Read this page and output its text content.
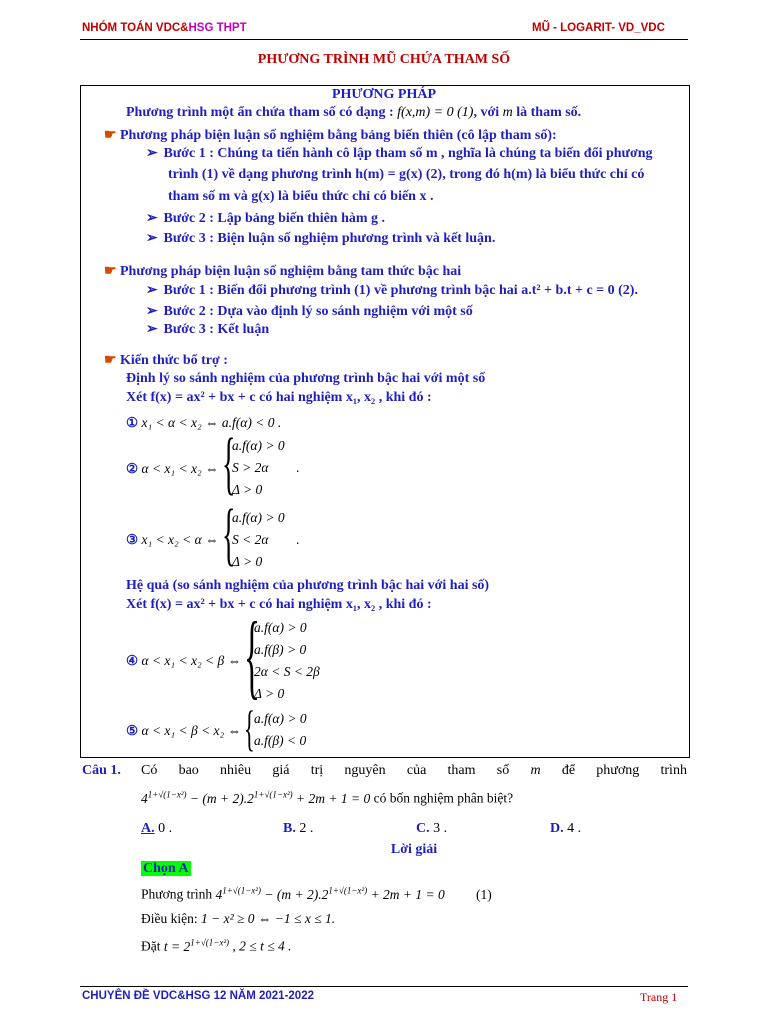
NHÓM TOÁN VDC&HSG THPT	MŨ - LOGARIT- VD_VDC
PHƯƠNG TRÌNH MŨ CHỨA THAM SỐ
PHƯƠNG PHÁP
Phương trình một ẩn chứa tham số có dạng : f(x,m) = 0 (1), với m là tham số.
☛ Phương pháp biện luận số nghiệm bằng bảng biến thiên (cô lập tham số):
➢ Bước 1 : Chúng ta tiến hành cô lập tham số m , nghĩa là chúng ta biến đổi phương
trình (1) về dạng phương trình h(m) = g(x) (2), trong đó h(m) là biểu thức chỉ có
tham số m và g(x) là biểu thức chỉ có biến x .
➢ Bước 2 : Lập bảng biến thiên hàm g .
➢ Bước 3 : Biện luận số nghiệm phương trình và kết luận.
☛ Phương pháp biện luận số nghiệm bằng tam thức bậc hai
➢ Bước 1 : Biến đổi phương trình (1) về phương trình bậc hai a.t² + b.t + c = 0 (2).
➢ Bước 2 : Dựa vào định lý so sánh nghiệm với một số
➢ Bước 3 : Kết luận
☛ Kiến thức bổ trợ :
Định lý so sánh nghiệm của phương trình bậc hai với một số
Xét f(x) = ax² + bx + c có hai nghiệm x₁, x₂ , khi đó :
① x₁ < α < x₂ ⇔ a.f(α) < 0 .
② α < x₁ < x₂ ⇔ {
a.f(α) > 0
S > 2α .
Δ > 0
③ x₁ < x₂ < α ⇔ {
a.f(α) > 0
S < 2α .
Δ > 0
Hệ quả (so sánh nghiệm của phương trình bậc hai với hai số)
Xét f(x) = ax² + bx + c có hai nghiệm x₁, x₂ , khi đó :
④ α < x₁ < x₂ < β ⇔ {
a.f(α) > 0
a.f(β) > 0
2α < S < 2β
Δ > 0
⑤ α < x₁ < β < x₂ ⇔ { a.f(α) > 0
a.f(β) < 0
Câu 1. Có bao nhiêu giá trị nguyên của tham số m để phương trình
$4^{1+√(1-x^2)} - (m + 2).2^{1+√(1-x^2)} + 2m + 1 = 0$ có bốn nghiệm phân biệt?
A. 0 .	B. 2 .	C. 3 .	D. 4 .
Lời giải
Chọn A
Phương trình $4^{1+√(1-x^2)} - (m + 2).2^{1+√(1-x^2)} + 2m + 1 = 0$ (1)
Điều kiện: 1 − x² ≥ 0 ⇔ −1 ≤ x ≤ 1.
Đặt $t = 2^{1+√(1-x^2)}$ , 2 ≤ t ≤ 4 .
CHUYÊN ĐỀ VDC&HSG 12 NĂM 2021-2022	Trang 1
